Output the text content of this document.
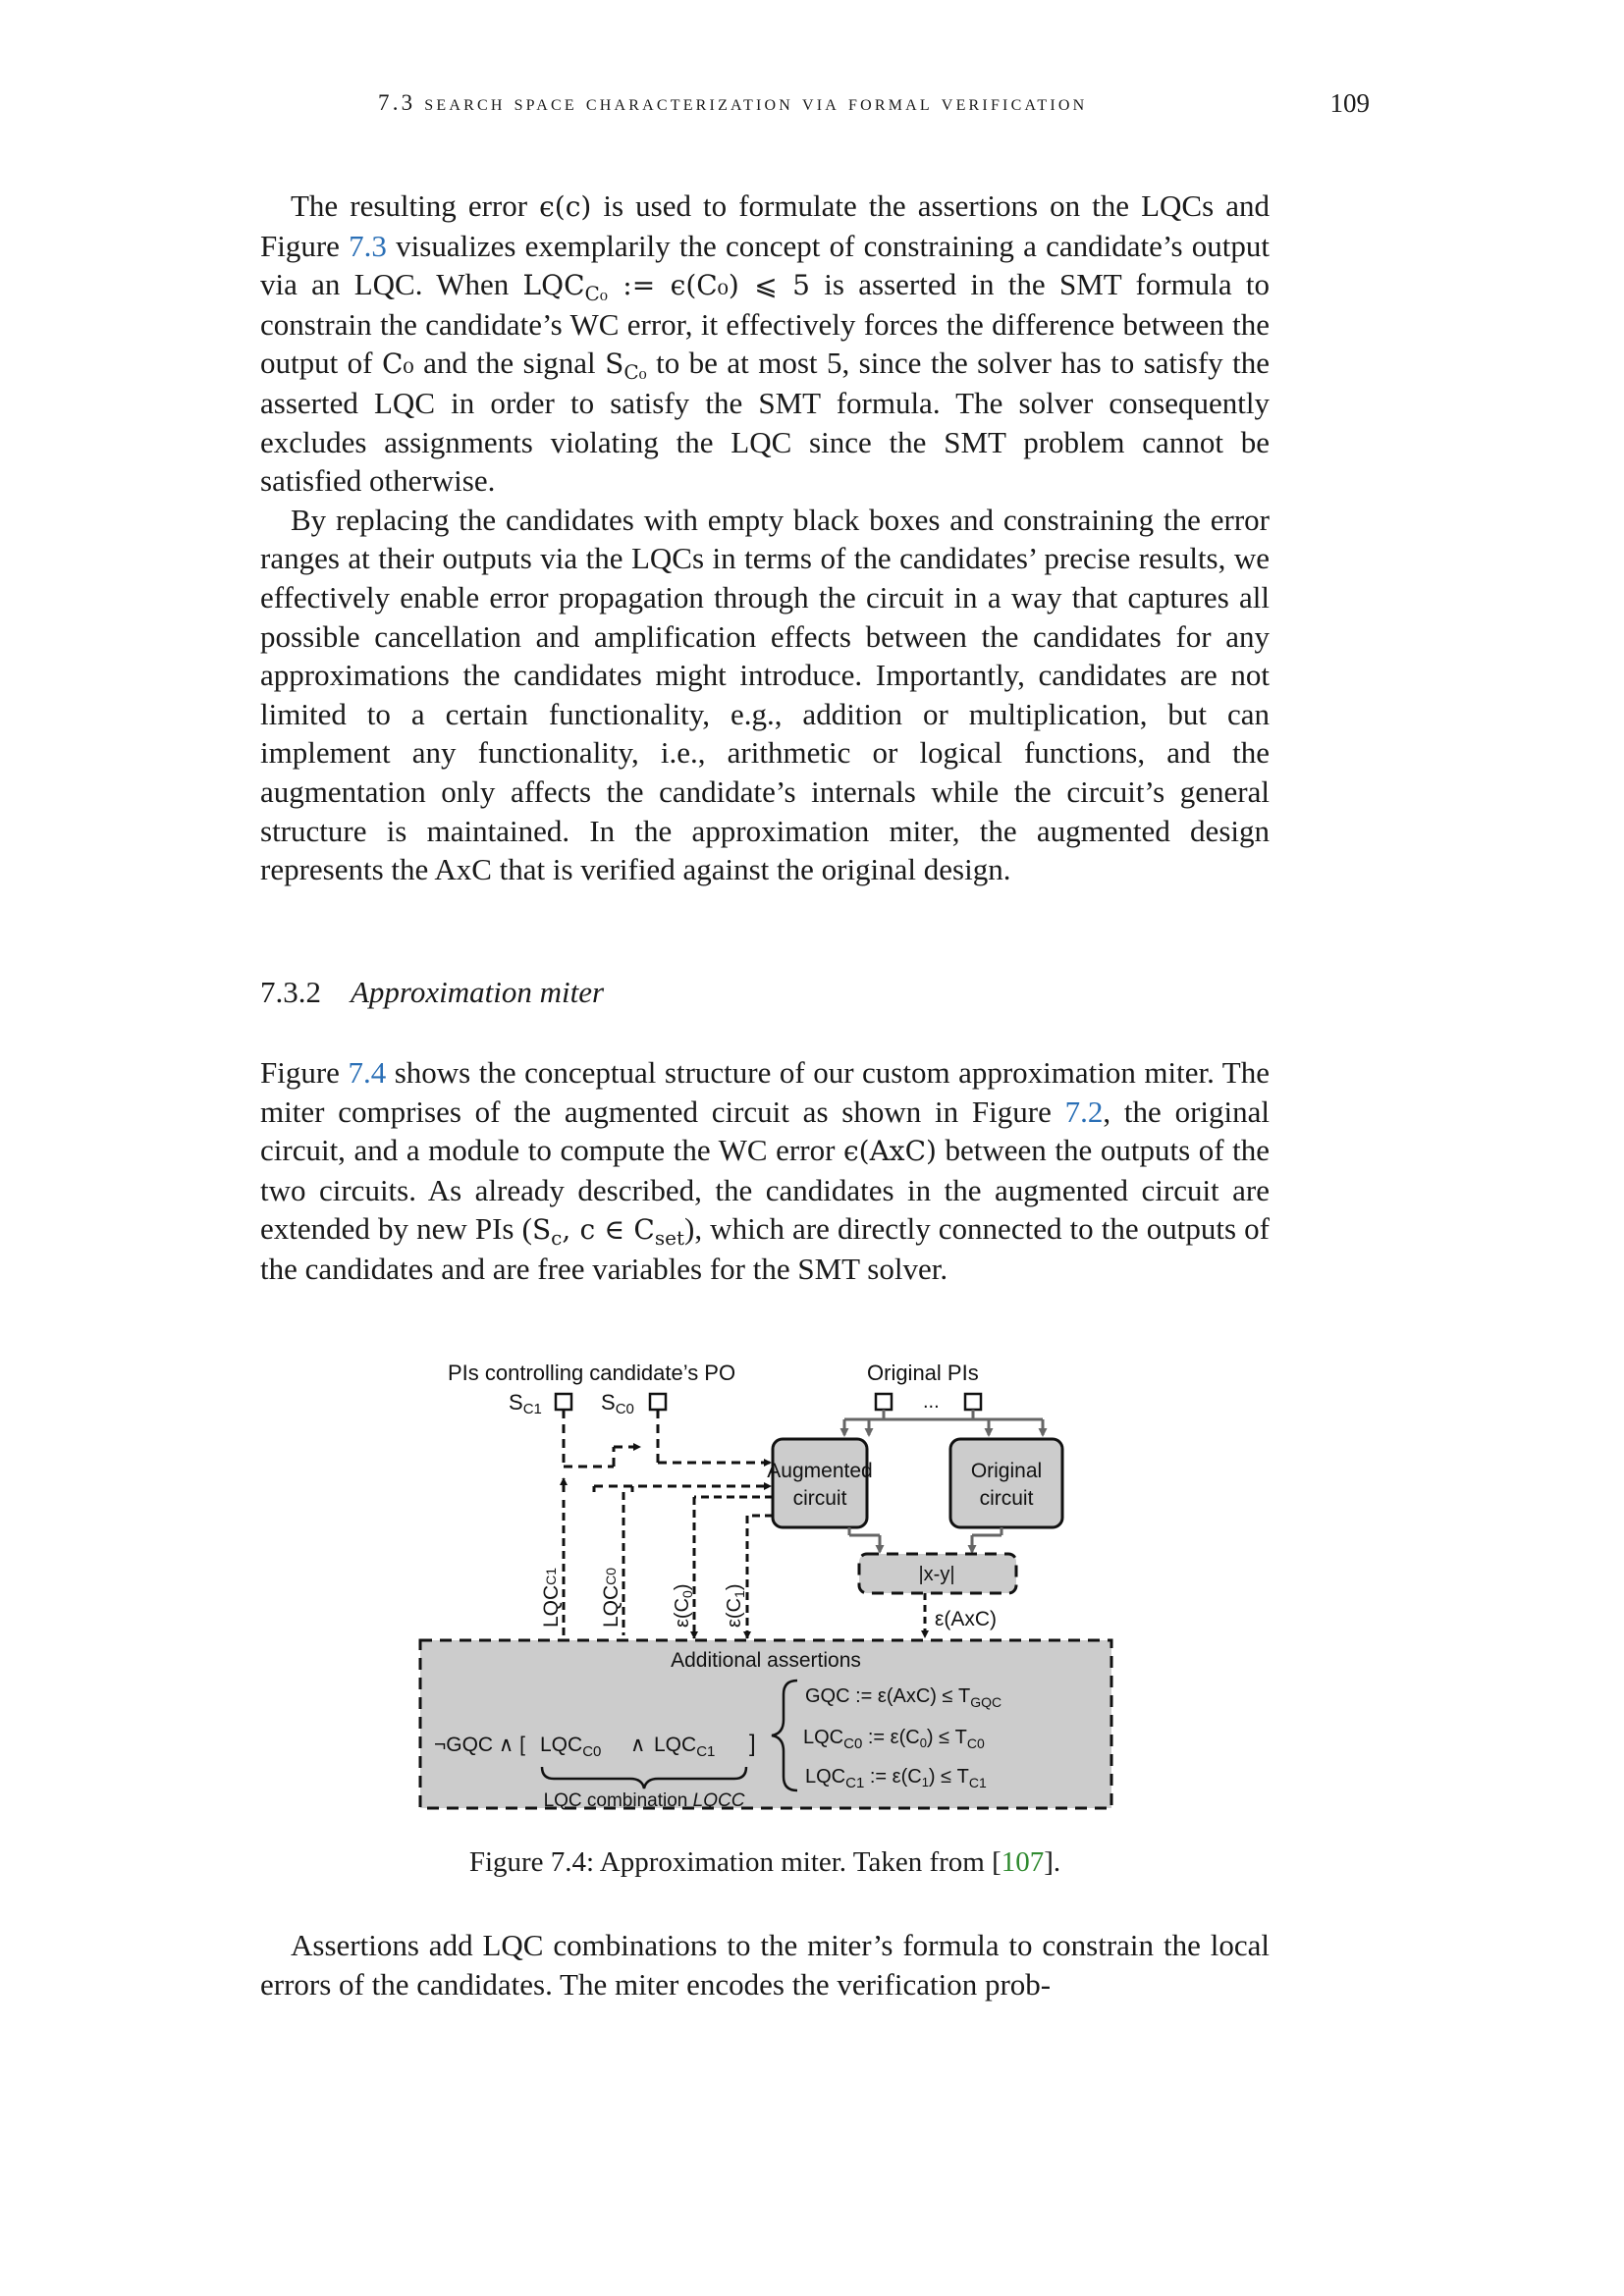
7.3 search space characterization via formal verification	109

The resulting error ϵ(c) is used to formulate the assertions on the LQCs and Figure 7.3 visualizes exemplarily the concept of constraining a candidate’s output via an LQC. When $LQC_{C_0}$ := ϵ(C₀) ⩽ 5 is asserted in the SMT formula to constrain the candidate’s WC error, it effectively forces the difference between the output of C₀ and the signal $S_{C_0}$ to be at most 5, since the solver has to satisfy the asserted LQC in order to satisfy the SMT formula. The solver consequently excludes assignments violating the LQC since the SMT problem cannot be satisfied otherwise.

By replacing the candidates with empty black boxes and constraining the error ranges at their outputs via the LQCs in terms of the candidates’ precise results, we effectively enable error propagation through the circuit in a way that captures all possible cancellation and amplification effects between the candidates for any approximations the candidates might introduce. Importantly, candidates are not limited to a certain functionality, e.g., addition or multiplication, but can implement any functionality, i.e., arithmetic or logical functions, and the augmentation only affects the candidate’s internals while the circuit’s general structure is maintained. In the approximation miter, the augmented design represents the AxC that is verified against the original design.

7.3.2 Approximation miter

Figure 7.4 shows the conceptual structure of our custom approximation miter. The miter comprises of the augmented circuit as shown in Figure 7.2, the original circuit, and a module to compute the WC error ϵ(AxC) between the outputs of the two circuits. As already described, the candidates in the augmented circuit are extended by new PIs ($S_c$, c ∈ $C_{set}$), which are directly connected to the outputs of the candidates and are free variables for the SMT solver.

PIs controlling candidate’s PO	Original PIs
SC1	SC0	...
Augmented
circuit
Original
circuit
|x-y|
ε(AxC)
LQCC1
LQCC0
$\varepsilon(C_0)$
$\varepsilon(C_1)$
Additional assertions
¬GQC ∧ [ $LQC_{C0}$ ∧ $LQC_{C1}$ ]
LQC combination LQCC
GQC := $\varepsilon(AxC) \le T_{GQC}$
$LQC_{C0}$ := $\varepsilon(C_0) \le T_{C0}$
$LQC_{C1}$ := $\varepsilon(C_1) \le T_{C1}$
Figure 7.4: Approximation miter. Taken from [107].

Assertions add LQC combinations to the miter’s formula to constrain the local errors of the candidates. The miter encodes the verification prob-
